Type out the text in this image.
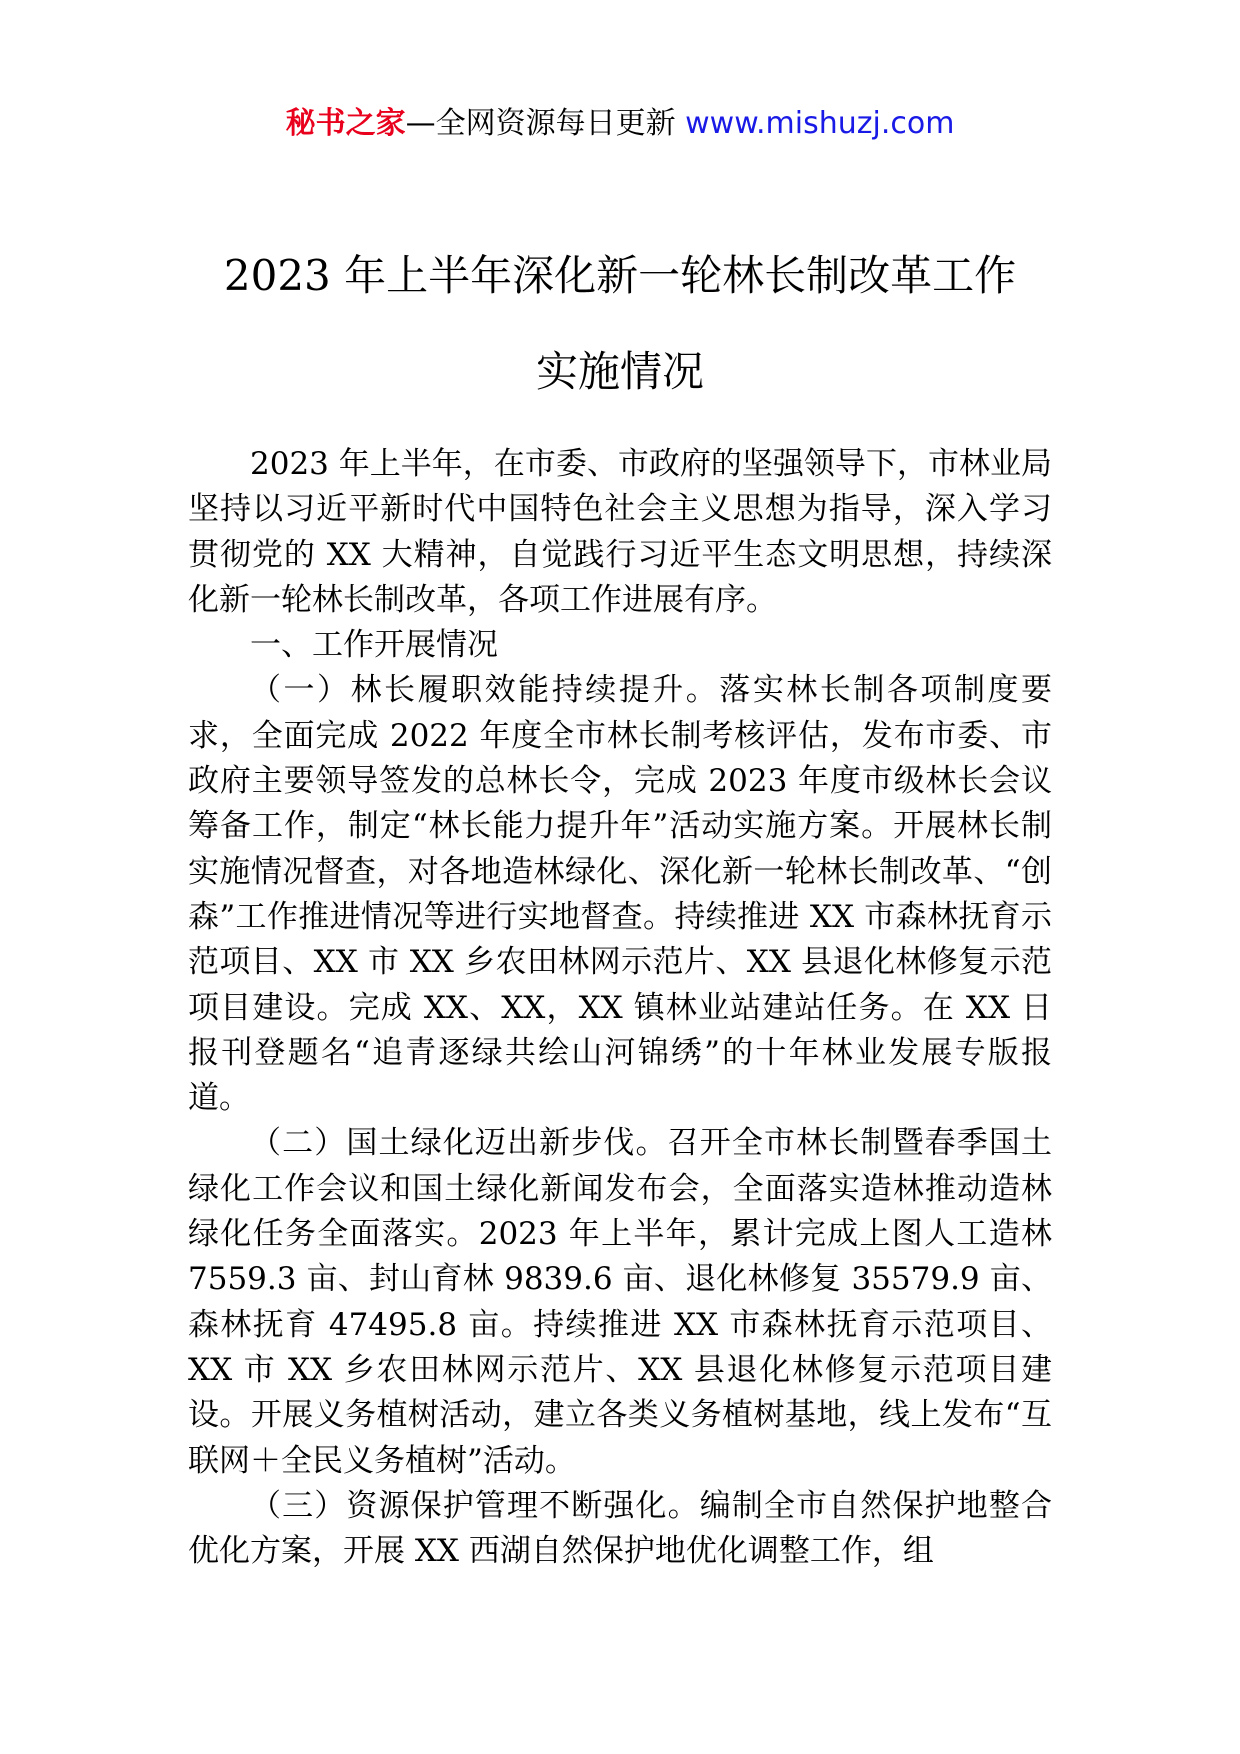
秘书之家—全网资源每日更新 www.mishuzj.com
2023 年上半年深化新一轮林长制改革工作
实施情况

2023 年上半年，在市委、市政府的坚强领导下，市林业局坚持以习近平新时代中国特色社会主义思想为指导，深入学习贯彻党的 XX 大精神，自觉践行习近平生态文明思想，持续深化新一轮林长制改革，各项工作进展有序。

一、工作开展情况

（一）林长履职效能持续提升。落实林长制各项制度要求，全面完成 2022 年度全市林长制考核评估，发布市委、市政府主要领导签发的总林长令，完成 2023 年度市级林长会议筹备工作，制定“林长能力提升年”活动实施方案。开展林长制实施情况督查，对各地造林绿化、深化新一轮林长制改革、“创森”工作推进情况等进行实地督查。持续推进 XX 市森林抚育示范项目、XX 市 XX 乡农田林网示范片、XX 县退化林修复示范项目建设。完成 XX、XX，XX 镇林业站建站任务。在 XX 日报刊登题名“追青逐绿共绘山河锦绣”的十年林业发展专版报道。

（二）国土绿化迈出新步伐。召开全市林长制暨春季国土绿化工作会议和国土绿化新闻发布会，全面落实造林推动造林绿化任务全面落实。2023 年上半年，累计完成上图人工造林 7559.3 亩、封山育林 9839.6 亩、退化林修复 35579.9 亩、森林抚育 47495.8 亩。持续推进 XX 市森林抚育示范项目、XX 市 XX 乡农田林网示范片、XX 县退化林修复示范项目建设。开展义务植树活动，建立各类义务植树基地，线上发布“互联网＋全民义务植树”活动。

（三）资源保护管理不断强化。编制全市自然保护地整合优化方案，开展 XX 西湖自然保护地优化调整工作，组
